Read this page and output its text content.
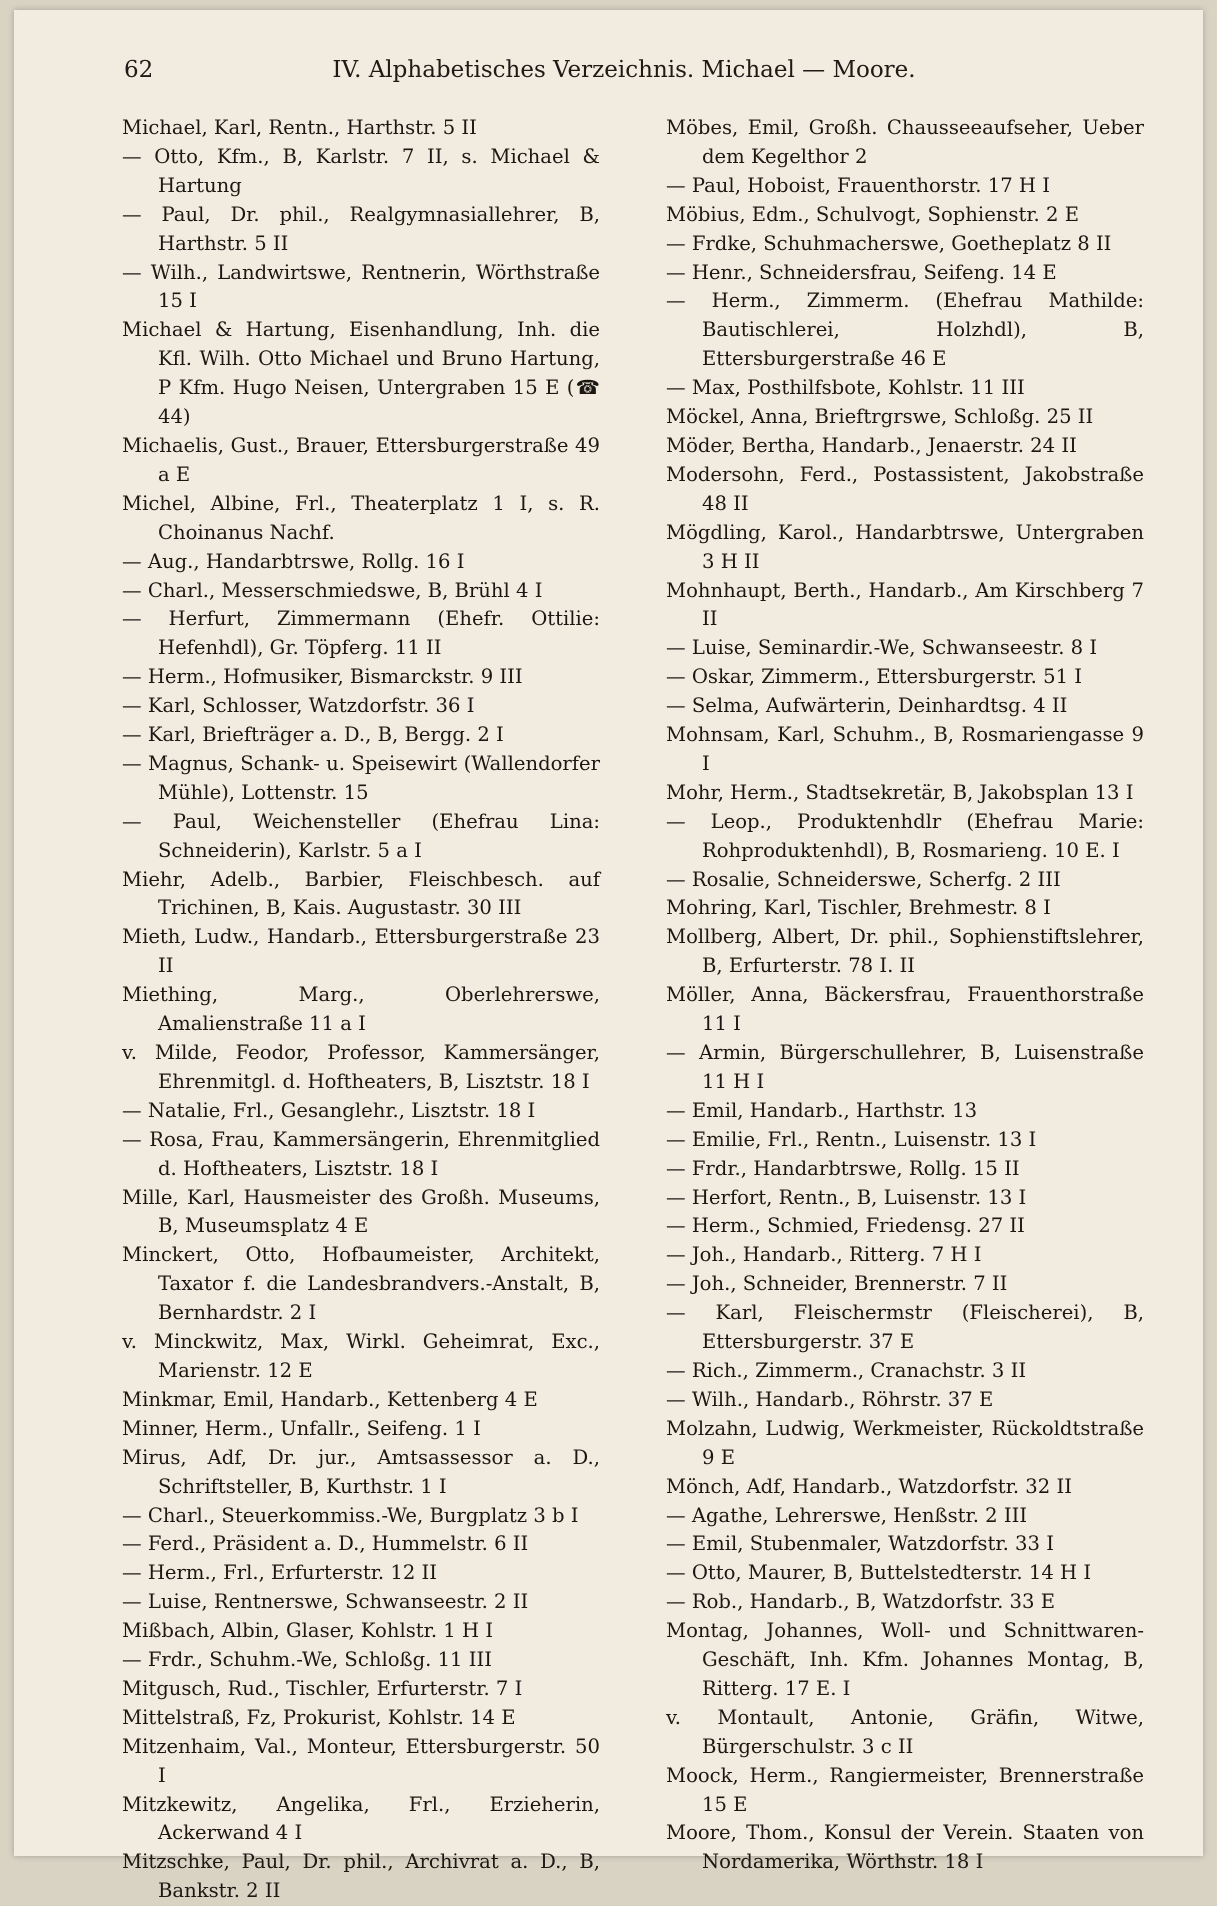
62	IV. Alphabetisches Verzeichnis. Michael — Moore.
Michael, Karl, Rentn., Harthstr. 5 II
— Otto, Kfm., B, Karlstr. 7 II, s. Michael & Hartung
— Paul, Dr. phil., Realgymnasiallehrer, B, Harthstr. 5 II
— Wilh., Landwirtswe, Rentnerin, Wörthstraße 15 I
Michael & Hartung, Eisenhandlung, Inh. die Kfl. Wilh. Otto Michael und Bruno Hartung, P Kfm. Hugo Neisen, Untergraben 15 E (☎ 44)
Michaelis, Gust., Brauer, Ettersburgerstraße 49 a E
Michel, Albine, Frl., Theaterplatz 1 I, s. R. Choinanus Nachf.
— Aug., Handarbtrswe, Rollg. 16 I
— Charl., Messerschmiedswe, B, Brühl 4 I
— Herfurt, Zimmermann (Ehefr. Ottilie: Hefenhdl), Gr. Töpferg. 11 II
— Herm., Hofmusiker, Bismarckstr. 9 III
— Karl, Schlosser, Watzdorfstr. 36 I
— Karl, Briefträger a. D., B, Bergg. 2 I
— Magnus, Schank- u. Speisewirt (Wallendorfer Mühle), Lottenstr. 15
— Paul, Weichensteller (Ehefrau Lina: Schneiderin), Karlstr. 5 a I
Miehr, Adelb., Barbier, Fleischbesch. auf Trichinen, B, Kais. Augustastr. 30 III
Mieth, Ludw., Handarb., Ettersburgerstraße 23 II
Miething, Marg., Oberlehrerswe, Amalienstraße 11 a I
v. Milde, Feodor, Professor, Kammersänger, Ehrenmitgl. d. Hoftheaters, B, Lisztstr. 18 I
— Natalie, Frl., Gesanglehr., Lisztstr. 18 I
— Rosa, Frau, Kammersängerin, Ehrenmitglied d. Hoftheaters, Lisztstr. 18 I
Mille, Karl, Hausmeister des Großh. Museums, B, Museumsplatz 4 E
Minckert, Otto, Hofbaumeister, Architekt, Taxator f. die Landesbrandvers.-Anstalt, B, Bernhardstr. 2 I
v. Minckwitz, Max, Wirkl. Geheimrat, Exc., Marienstr. 12 E
Minkmar, Emil, Handarb., Kettenberg 4 E
Minner, Herm., Unfallr., Seifeng. 1 I
Mirus, Adf, Dr. jur., Amtsassessor a. D., Schriftsteller, B, Kurthstr. 1 I
— Charl., Steuerkommiss.-We, Burgplatz 3 b I
— Ferd., Präsident a. D., Hummelstr. 6 II
— Herm., Frl., Erfurterstr. 12 II
— Luise, Rentnerswe, Schwanseestr. 2 II
Mißbach, Albin, Glaser, Kohlstr. 1 H I
— Frdr., Schuhm.-We, Schloßg. 11 III
Mitgusch, Rud., Tischler, Erfurterstr. 7 I
Mittelstraß, Fz, Prokurist, Kohlstr. 14 E
Mitzenhaim, Val., Monteur, Ettersburgerstr. 50 I
Mitzkewitz, Angelika, Frl., Erzieherin, Ackerwand 4 I
Mitzschke, Paul, Dr. phil., Archivrat a. D., B, Bankstr. 2 II
Möbes, Emil, Großh. Chausseeaufseher, Ueber dem Kegelthor 2
— Paul, Hoboist, Frauenthorstr. 17 H I
Möbius, Edm., Schulvogt, Sophienstr. 2 E
— Frdke, Schuhmacherswe, Goetheplatz 8 II
— Henr., Schneidersfrau, Seifeng. 14 E
— Herm., Zimmerm. (Ehefrau Mathilde: Bautischlerei, Holzhdl), B, Ettersburgerstraße 46 E
— Max, Posthilfsbote, Kohlstr. 11 III
Möckel, Anna, Brieftrgrswe, Schloßg. 25 II
Möder, Bertha, Handarb., Jenaerstr. 24 II
Modersohn, Ferd., Postassistent, Jakobstraße 48 II
Mögdling, Karol., Handarbtrswe, Untergraben 3 H II
Mohnhaupt, Berth., Handarb., Am Kirschberg 7 II
— Luise, Seminardir.-We, Schwanseestr. 8 I
— Oskar, Zimmerm., Ettersburgerstr. 51 I
— Selma, Aufwärterin, Deinhardtsg. 4 II
Mohnsam, Karl, Schuhm., B, Rosmariengasse 9 I
Mohr, Herm., Stadtsekretär, B, Jakobsplan 13 I
— Leop., Produktenhdlr (Ehefrau Marie: Rohproduktenhdl), B, Rosmarieng. 10 E. I
— Rosalie, Schneiderswe, Scherfg. 2 III
Mohring, Karl, Tischler, Brehmestr. 8 I
Mollberg, Albert, Dr. phil., Sophienstiftslehrer, B, Erfurterstr. 78 I. II
Möller, Anna, Bäckersfrau, Frauenthorstraße 11 I
— Armin, Bürgerschullehrer, B, Luisenstraße 11 H I
— Emil, Handarb., Harthstr. 13
— Emilie, Frl., Rentn., Luisenstr. 13 I
— Frdr., Handarbtrswe, Rollg. 15 II
— Herfort, Rentn., B, Luisenstr. 13 I
— Herm., Schmied, Friedensg. 27 II
— Joh., Handarb., Ritterg. 7 H I
— Joh., Schneider, Brennerstr. 7 II
— Karl, Fleischermstr (Fleischerei), B, Ettersburgerstr. 37 E
— Rich., Zimmerm., Cranachstr. 3 II
— Wilh., Handarb., Röhrstr. 37 E
Molzahn, Ludwig, Werkmeister, Rückoldtstraße 9 E
Mönch, Adf, Handarb., Watzdorfstr. 32 II
— Agathe, Lehrerswe, Henßstr. 2 III
— Emil, Stubenmaler, Watzdorfstr. 33 I
— Otto, Maurer, B, Buttelstedterstr. 14 H I
— Rob., Handarb., B, Watzdorfstr. 33 E
Montag, Johannes, Woll- und Schnittwaren-Geschäft, Inh. Kfm. Johannes Montag, B, Ritterg. 17 E. I
v. Montault, Antonie, Gräfin, Witwe, Bürgerschulstr. 3 c II
Moock, Herm., Rangiermeister, Brennerstraße 15 E
Moore, Thom., Konsul der Verein. Staaten von Nordamerika, Wörthstr. 18 I
